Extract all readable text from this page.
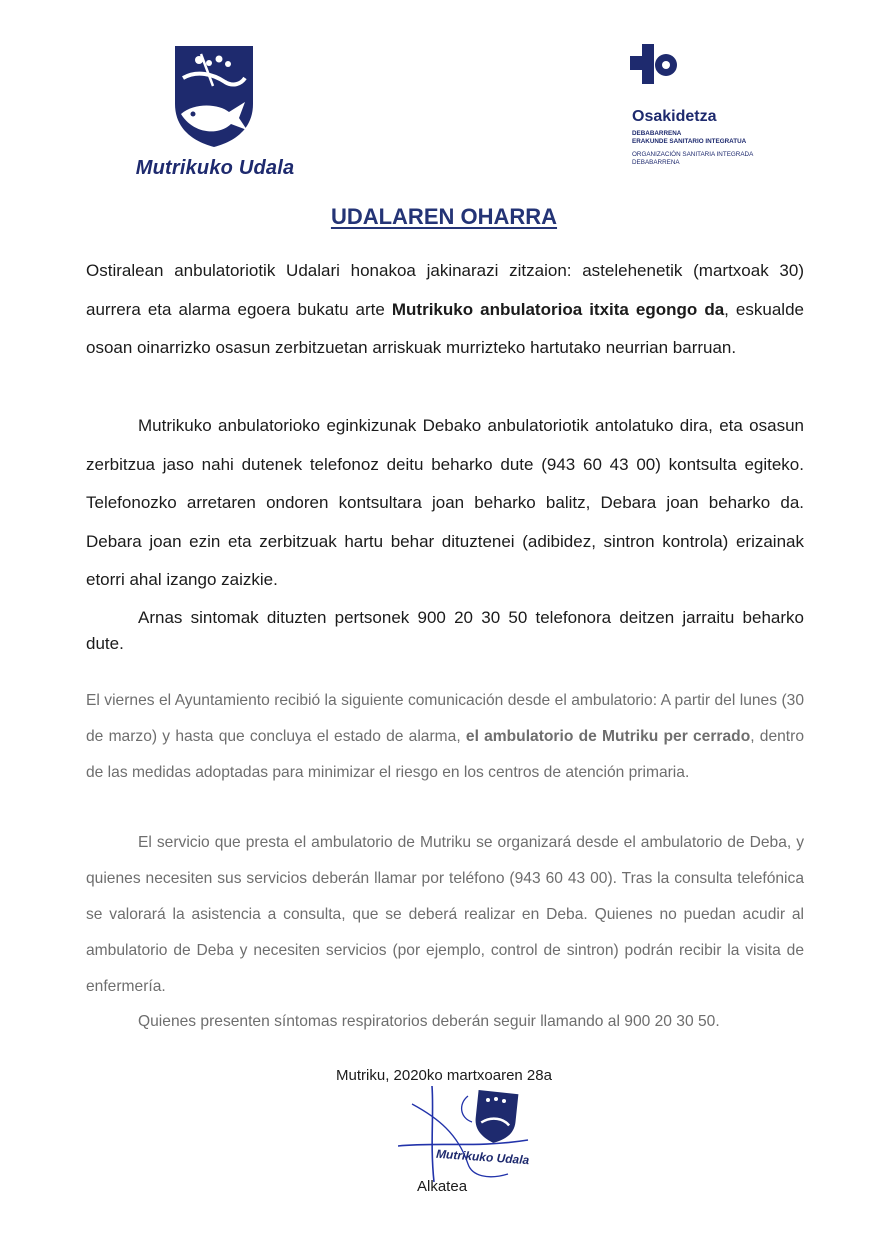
Mutrikuko Udala
Osakidetza
DEBABARRENA
ERAKUNDE SANITARIO INTEGRATUA
ORGANIZACIÓN SANITARIA INTEGRADA
DEBABARRENA
UDALAREN OHARRA

Ostiralean anbulatoriotik Udalari honakoa jakinarazi zitzaion: astelehenetik (martxoak 30) aurrera eta alarma egoera bukatu arte Mutrikuko anbulatorioa itxita egongo da, eskualde osoan oinarrizko osasun zerbitzuetan arriskuak murrizteko hartutako neurrian barruan.

Mutrikuko anbulatorioko eginkizunak Debako anbulatoriotik antolatuko dira, eta osasun zerbitzua jaso nahi dutenek telefonoz deitu beharko dute (943 60 43 00) kontsulta egiteko. Telefonozko arretaren ondoren kontsultara joan beharko balitz, Debara joan beharko da. Debara joan ezin eta zerbitzuak hartu behar dituztenei (adibidez, sintron kontrola) erizainak etorri ahal izango zaizkie.

Arnas sintomak dituzten pertsonek 900 20 30 50 telefonora deitzen jarraitu beharko dute.

El viernes el Ayuntamiento recibió la siguiente comunicación desde el ambulatorio: A partir del lunes (30 de marzo) y hasta que concluya el estado de alarma, el ambulatorio de Mutriku per cerrado, dentro de las medidas adoptadas para minimizar el riesgo en los centros de atención primaria.

El servicio que presta el ambulatorio de Mutriku se organizará desde el ambulatorio de Deba, y quienes necesiten sus servicios deberán llamar por teléfono (943 60 43 00). Tras la consulta telefónica se valorará la asistencia a consulta, que se deberá realizar en Deba. Quienes no puedan acudir al ambulatorio de Deba y necesiten servicios (por ejemplo, control de sintron) podrán recibir la visita de enfermería.

Quienes presenten síntomas respiratorios deberán seguir llamando al 900 20 30 50.

Mutriku, 2020ko martxoaren 28a
Mutrikuko Udala
Alkatea
